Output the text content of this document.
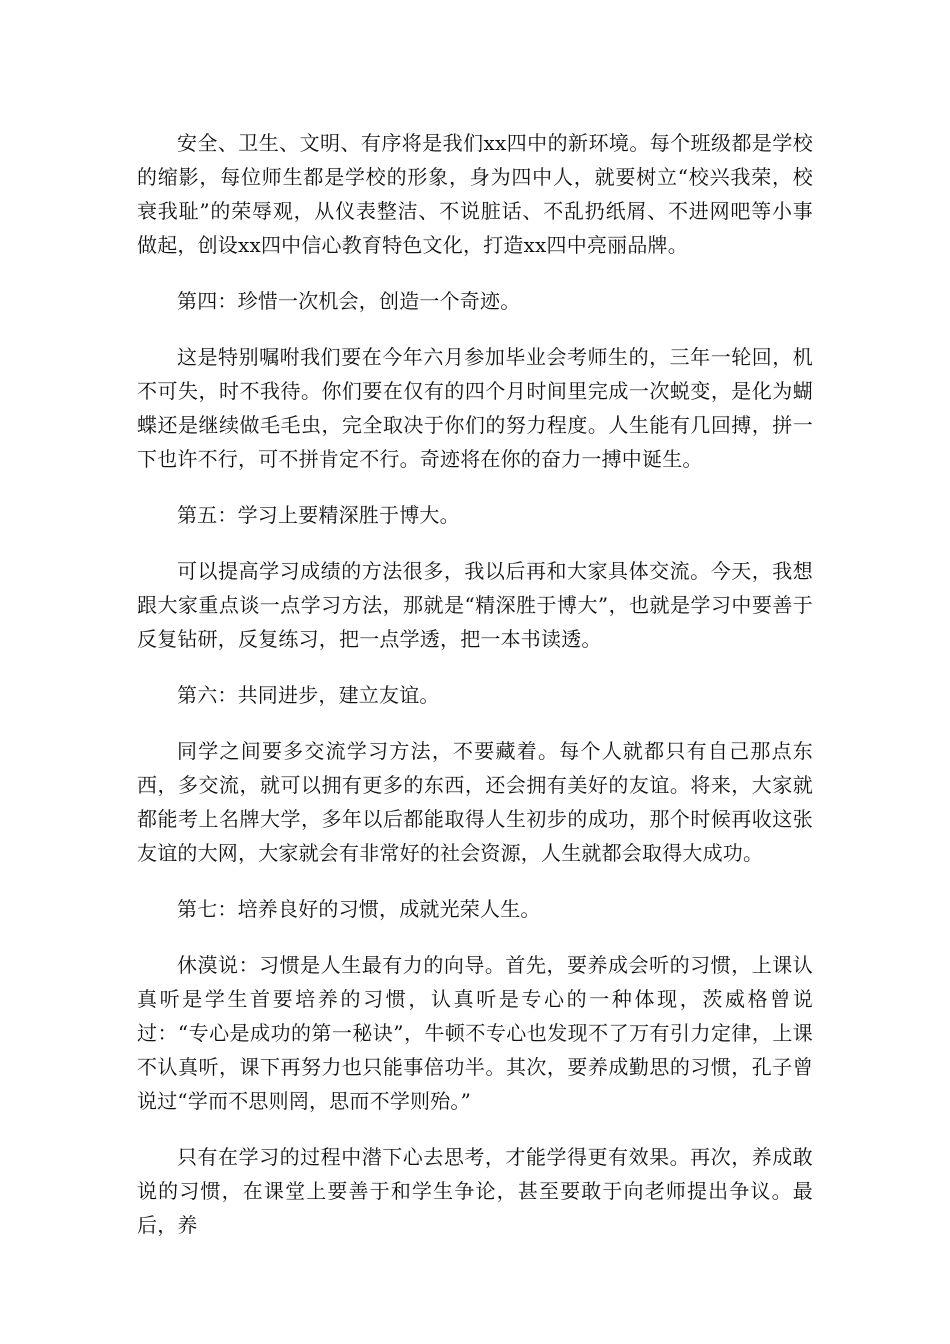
安全、卫生、文明、有序将是我们xx四中的新环境。每个班级都是学校的缩影，每位师生都是学校的形象，身为四中人，就要树立“校兴我荣，校衰我耻”的荣辱观，从仪表整洁、不说脏话、不乱扔纸屑、不进网吧等小事做起，创设xx四中信心教育特色文化，打造xx四中亮丽品牌。

第四：珍惜一次机会，创造一个奇迹。

这是特别嘱咐我们要在今年六月参加毕业会考师生的，三年一轮回，机不可失，时不我待。你们要在仅有的四个月时间里完成一次蜕变，是化为蝴蝶还是继续做毛毛虫，完全取决于你们的努力程度。人生能有几回搏，拼一下也许不行，可不拼肯定不行。奇迹将在你的奋力一搏中诞生。

第五：学习上要精深胜于博大。

可以提高学习成绩的方法很多，我以后再和大家具体交流。今天，我想跟大家重点谈一点学习方法，那就是“精深胜于博大”，也就是学习中要善于反复钻研，反复练习，把一点学透，把一本书读透。

第六：共同进步，建立友谊。

同学之间要多交流学习方法，不要藏着。每个人就都只有自己那点东西，多交流，就可以拥有更多的东西，还会拥有美好的友谊。将来，大家就都能考上名牌大学，多年以后都能取得人生初步的成功，那个时候再收这张友谊的大网，大家就会有非常好的社会资源，人生就都会取得大成功。

第七：培养良好的习惯，成就光荣人生。

休漠说：习惯是人生最有力的向导。首先，要养成会听的习惯，上课认真听是学生首要培养的习惯，认真听是专心的一种体现，茨威格曾说过：“专心是成功的第一秘诀”，牛顿不专心也发现不了万有引力定律，上课不认真听，课下再努力也只能事倍功半。其次，要养成勤思的习惯，孔子曾说过“学而不思则罔，思而不学则殆。”

只有在学习的过程中潜下心去思考，才能学得更有效果。再次，养成敢说的习惯，在课堂上要善于和学生争论，甚至要敢于向老师提出争议。最后，养
